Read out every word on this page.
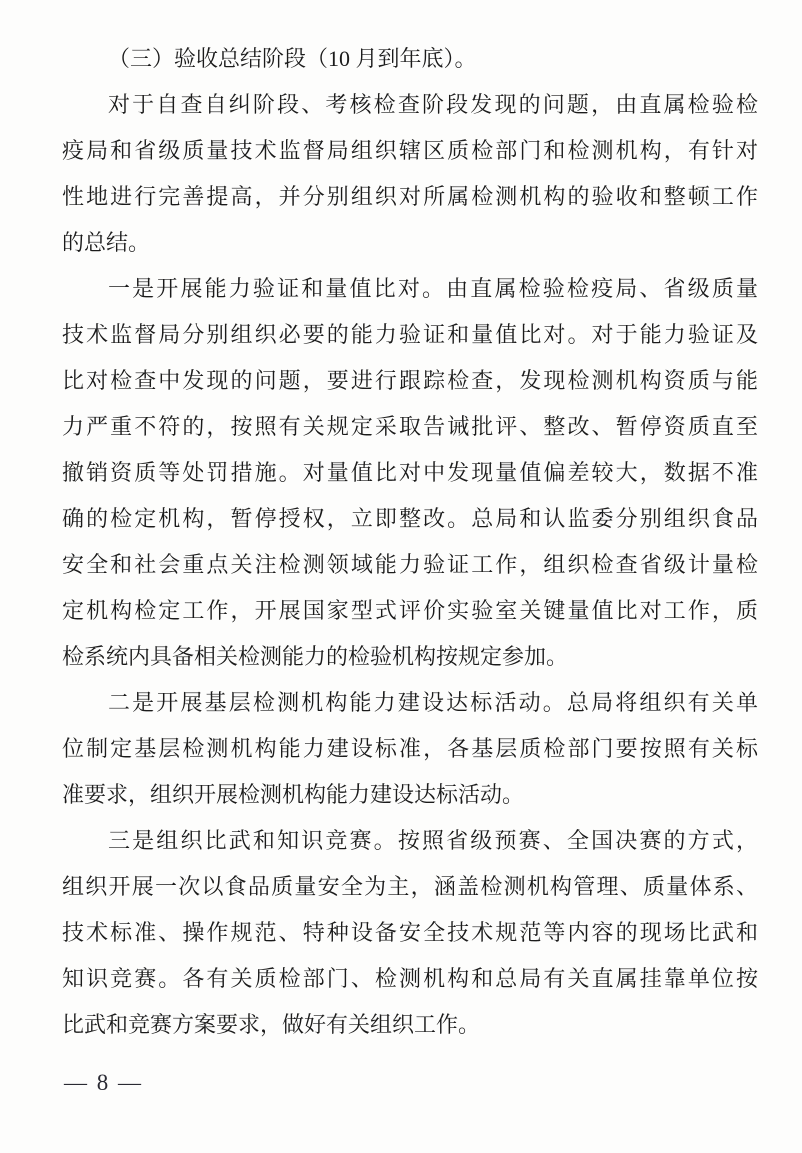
（三）验收总结阶段（10 月到年底）。
对于自查自纠阶段、考核检查阶段发现的问题，由直属检验检
疫局和省级质量技术监督局组织辖区质检部门和检测机构，有针对
性地进行完善提高，并分别组织对所属检测机构的验收和整顿工作
的总结。
一是开展能力验证和量值比对。由直属检验检疫局、省级质量
技术监督局分别组织必要的能力验证和量值比对。对于能力验证及
比对检查中发现的问题，要进行跟踪检查，发现检测机构资质与能
力严重不符的，按照有关规定采取告诫批评、整改、暂停资质直至
撤销资质等处罚措施。对量值比对中发现量值偏差较大，数据不准
确的检定机构，暂停授权，立即整改。总局和认监委分别组织食品
安全和社会重点关注检测领域能力验证工作，组织检查省级计量检
定机构检定工作，开展国家型式评价实验室关键量值比对工作，质
检系统内具备相关检测能力的检验机构按规定参加。
二是开展基层检测机构能力建设达标活动。总局将组织有关单
位制定基层检测机构能力建设标准，各基层质检部门要按照有关标
准要求，组织开展检测机构能力建设达标活动。
三是组织比武和知识竞赛。按照省级预赛、全国决赛的方式，
组织开展一次以食品质量安全为主，涵盖检测机构管理、质量体系、
技术标准、操作规范、特种设备安全技术规范等内容的现场比武和
知识竞赛。各有关质检部门、检测机构和总局有关直属挂靠单位按
比武和竞赛方案要求，做好有关组织工作。
— 8 —
